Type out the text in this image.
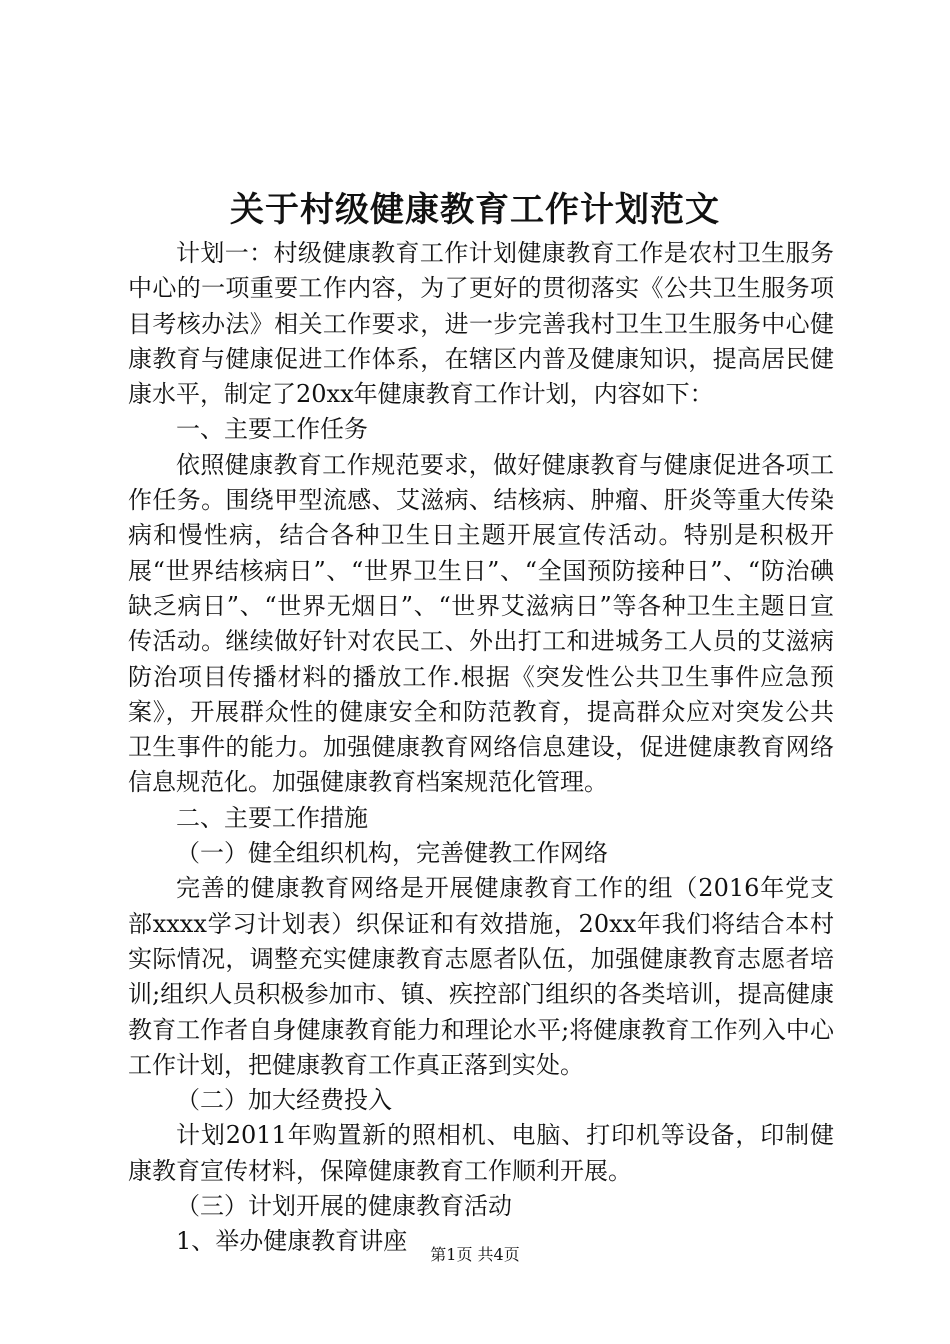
关于村级健康教育工作计划范文

计划一：村级健康教育工作计划健康教育工作是农村卫生服务中心的一项重要工作内容，为了更好的贯彻落实《公共卫生服务项目考核办法》相关工作要求，进一步完善我村卫生卫生服务中心健康教育与健康促进工作体系，在辖区内普及健康知识，提高居民健康水平，制定了20xx年健康教育工作计划，内容如下：

一、主要工作任务

依照健康教育工作规范要求，做好健康教育与健康促进各项工作任务。围绕甲型流感、艾滋病、结核病、肿瘤、肝炎等重大传染病和慢性病，结合各种卫生日主题开展宣传活动。特别是积极开展“世界结核病日”、“世界卫生日”、“全国预防接种日”、“防治碘缺乏病日”、“世界无烟日”、“世界艾滋病日”等各种卫生主题日宣传活动。继续做好针对农民工、外出打工和进城务工人员的艾滋病防治项目传播材料的播放工作.根据《突发性公共卫生事件应急预案》，开展群众性的健康安全和防范教育，提高群众应对突发公共卫生事件的能力。加强健康教育网络信息建设，促进健康教育网络信息规范化。加强健康教育档案规范化管理。

二、主要工作措施

（一）健全组织机构，完善健教工作网络

完善的健康教育网络是开展健康教育工作的组（2016年党支部xxxx学习计划表）织保证和有效措施，20xx年我们将结合本村实际情况，调整充实健康教育志愿者队伍，加强健康教育志愿者培训;组织人员积极参加市、镇、疾控部门组织的各类培训，提高健康教育工作者自身健康教育能力和理论水平;将健康教育工作列入中心工作计划，把健康教育工作真正落到实处。

（二）加大经费投入

计划2011年购置新的照相机、电脑、打印机等设备，印制健康教育宣传材料，保障健康教育工作顺利开展。

（三）计划开展的健康教育活动

1、举办健康教育讲座	第1页 共4页
